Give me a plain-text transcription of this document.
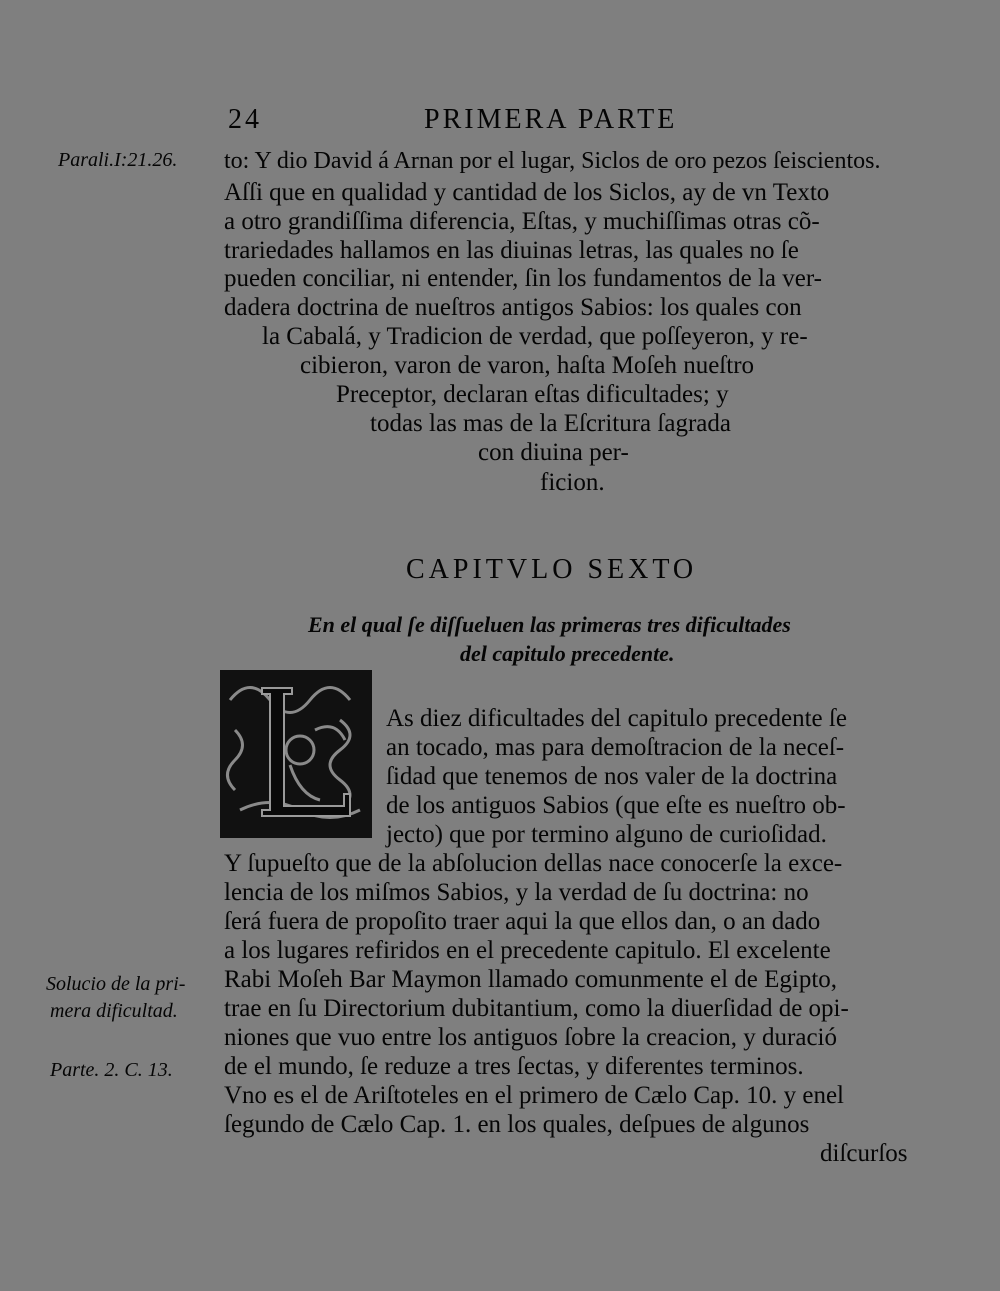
24	PRIMERA PARTE
Parali.I:21.26.
Solucio de la pri-
mera dificultad.
Parte. 2. C. 13.
to: Y dio David á Arnan por el lugar, Siclos de oro pezos ſeiscientos.
Aſſi que en qualidad y cantidad de los Siclos, ay de vn Texto
a otro grandiſſima diferencia, Eſtas, y muchiſſimas otras cõ-
trariedades hallamos en las diuinas letras, las quales no ſe
pueden conciliar, ni entender, ſin los fundamentos de la ver-
dadera doctrina de nueſtros antigos Sabios: los quales con
la Cabalá, y Tradicion de verdad, que poſſeyeron, y re-
cibieron, varon de varon, haſta Moſeh nueſtro
Preceptor, declaran eſtas dificultades; y
todas las mas de la Eſcritura ſagrada
con diuina per-
ficion.
CAPITVLO SEXTO
En el qual ſe diſſueluen las primeras tres dificultades
del capitulo precedente.
As diez dificultades del capitulo precedente ſe
an tocado, mas para demoſtracion de la neceſ-
ſidad que tenemos de nos valer de la doctrina
de los antiguos Sabios (que eſte es nueſtro ob-
jecto) que por termino alguno de curioſidad.
Y ſupueſto que de la abſolucion dellas nace conocerſe la exce-
lencia de los miſmos Sabios, y la verdad de ſu doctrina: no
ſerá fuera de propoſito traer aqui la que ellos dan, o an dado
a los lugares refiridos en el precedente capitulo. El excelente
Rabi Moſeh Bar Maymon llamado comunmente el de Egipto,
trae en ſu Directorium dubitantium, como la diuerſidad de opi-
niones que vuo entre los antiguos ſobre la creacion, y duració
de el mundo, ſe reduze a tres ſectas, y diferentes terminos.
Vno es el de Ariſtoteles en el primero de Cælo Cap. 10. y enel
ſegundo de Cælo Cap. 1. en los quales, deſpues de algunos
diſcurſos
